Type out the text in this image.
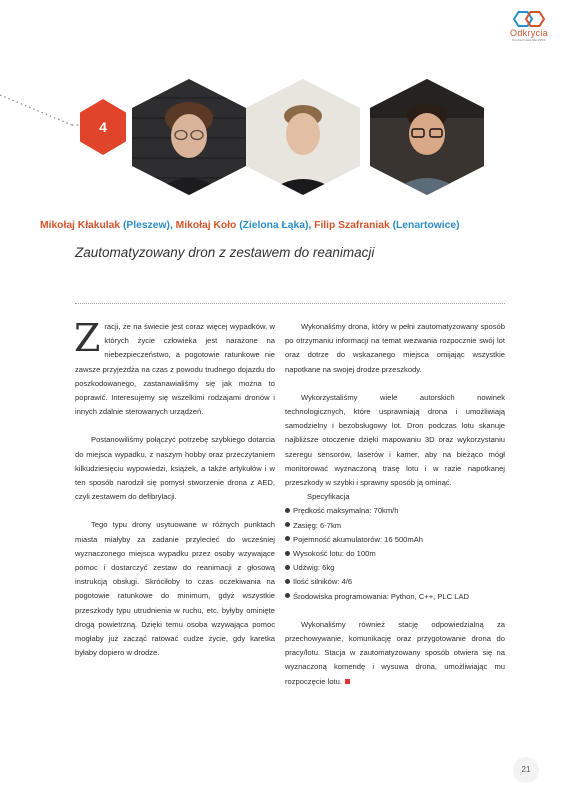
Odkrycia
Poczta Polska Mal ZPKS
4
Mikołaj Kłakulak (Pleszew), Mikołaj Koło (Zielona Łąka), Filip Szafraniak (Lenartowice)
Zautomatyzowany dron z zestawem do reanimacji

Zracji, że na świecie jest coraz więcej wypadków, w których życie człowieka jest narażone na niebezpieczeństwo, a pogotowie ratunkowe nie zawsze przyjeżdża na czas z powodu trudnego dojazdu do poszkodowanego, zastanawialiśmy się jak można to poprawić. Interesujemy się wszelkimi rodzajami dronów i innych zdalnie sterowanych urządzeń.

Postanowiliśmy połączyć potrzebę szybkiego dotarcia do miejsca wypadku, z naszym hobby oraz przeczytaniem kilkudziesięciu wypowiedzi, książek, a także artykułów i w ten sposób narodził się pomysł stworzenie drona z AED, czyli zestawem do defibrylacji.

Tego typu drony usytuowane w różnych punktach miasta miałyby za zadanie przylecieć do wcześniej wyznaczonego miejsca wypadku przez osoby wzywające pomoc i dostarczyć zestaw do reanimacji z głosową instrukcją obsługi. Skróciłoby to czas oczekiwania na pogotowie ratunkowe do minimum, gdyż wszystkie przeszkody typu utrudnienia w ruchu, etc. byłyby ominięte drogą powietrzną. Dzięki temu osoba wzywająca pomoc mogłaby już zacząć ratować cudze życie, gdy karetka byłaby dopiero w drodze.

Wykonaliśmy drona, który w pełni zautomatyzowany sposób po otrzymaniu informacji na temat wezwania rozpocznie swój lot oraz dotrze do wskazanego miejsca omijając wszystkie napotkane na swojej drodze przeszkody.

Wykorzystaliśmy wiele autorskich nowinek technologicznych, które usprawniają drona i umożliwiają samodzielny i bezobsługowy lot. Dron podczas lotu skanuje najbliższe otoczenie dzięki mapowaniu 3D oraz wykorzystaniu szeregu sensorów, laserów i kamer, aby na bieżąco mógł monitorować wyznaczoną trasę lotu i w razie napotkanej przeszkody w szybki i sprawny sposób ją ominąć.

Specyfikacja

Prędkość maksymalna: 70km/h
Zasięg: 6-7km
Pojemność akumulatorów: 16 500mAh
Wysokość lotu: do 100m
Udźwig: 6kg
Ilość silników: 4/6
Środowiska programowania: Python, C++, PLC LAD

Wykonaliśmy również stację odpowiedzialną za przechowywanie, komunikację oraz przygotowanie drona do pracy/lotu. Stacja w zautomatyzowany sposób otwiera się na wyznaczoną komendę i wysuwa drona, umożliwiając mu rozpoczęcie lotu.

21
